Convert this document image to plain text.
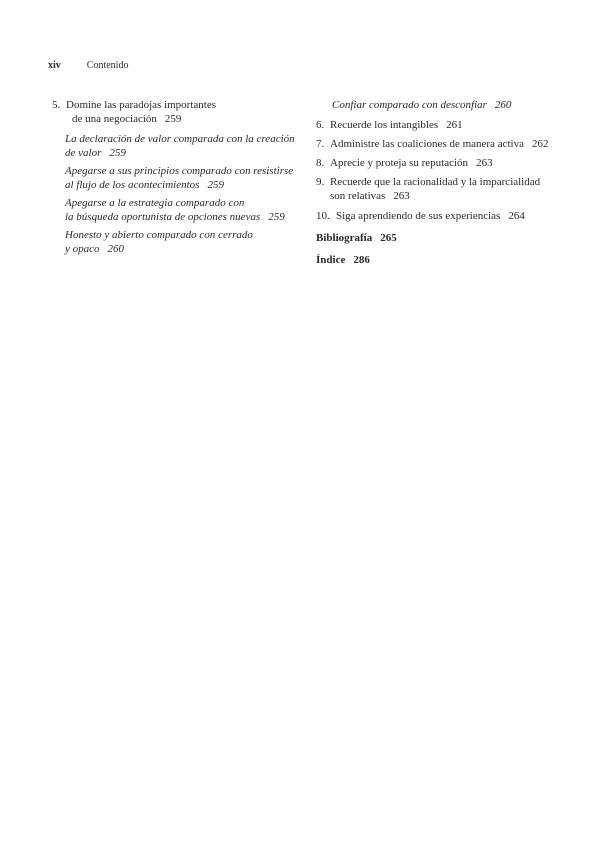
xiv	Contenido
5. Domine las paradojas importantes
de una negociación 259
La declaración de valor comparada con la creación
de valor 259
Apegarse a sus principios comparado con resistirse
al flujo de los acontecimientos 259
Apegarse a la estrategia comparado con
la búsqueda oportunista de opciones nuevas 259
Honesto y abierto comparado con cerrado
y opaco 260
Confiar comparado con desconfiar 260
6. Recuerde los intangibles 261
7. Administre las coaliciones de manera activa 262
8. Aprecie y proteja su reputación 263
9. Recuerde que la racionalidad y la imparcialidad
son relativas 263
10. Siga aprendiendo de sus experiencias 264
Bibliografía 265
Índice 286
